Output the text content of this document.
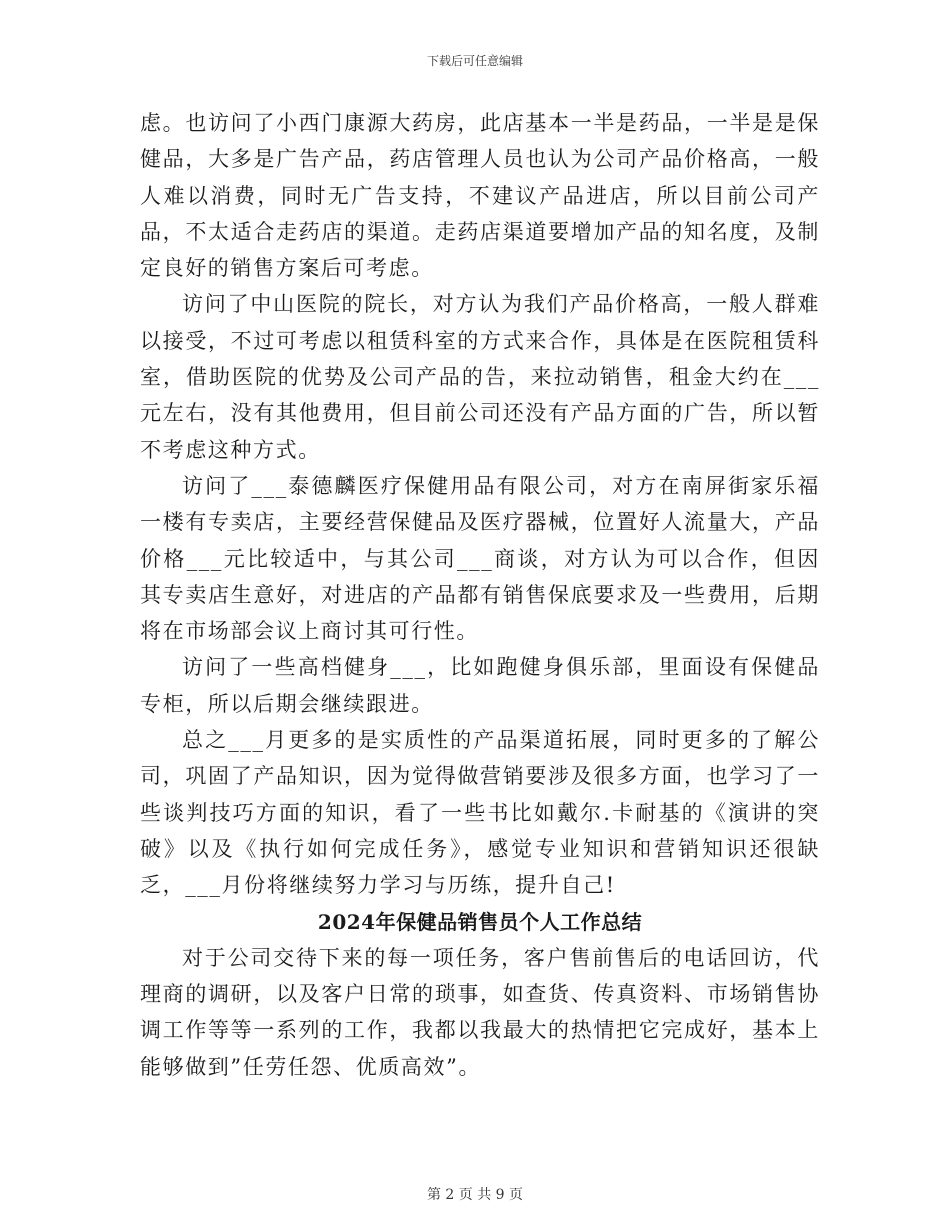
下载后可任意编辑

虑。也访问了小西门康源大药房，此店基本一半是药品，一半是是保健品，大多是广告产品，药店管理人员也认为公司产品价格高，一般人难以消费，同时无广告支持，不建议产品进店，所以目前公司产品，不太适合走药店的渠道。走药店渠道要增加产品的知名度，及制定良好的销售方案后可考虑。

访问了中山医院的院长，对方认为我们产品价格高，一般人群难以接受，不过可考虑以租赁科室的方式来合作，具体是在医院租赁科室，借助医院的优势及公司产品的告，来拉动销售，租金大约在___元左右，没有其他费用，但目前公司还没有产品方面的广告，所以暂不考虑这种方式。

访问了___泰德麟医疗保健用品有限公司，对方在南屏街家乐福一楼有专卖店，主要经营保健品及医疗器械，位置好人流量大，产品价格___元比较适中，与其公司___商谈，对方认为可以合作，但因其专卖店生意好，对进店的产品都有销售保底要求及一些费用，后期将在市场部会议上商讨其可行性。

访问了一些高档健身___，比如跑健身俱乐部，里面设有保健品专柜，所以后期会继续跟进。

总之___月更多的是实质性的产品渠道拓展，同时更多的了解公司，巩固了产品知识，因为觉得做营销要涉及很多方面，也学习了一些谈判技巧方面的知识，看了一些书比如戴尔.卡耐基的《演讲的突破》以及《执行如何完成任务》，感觉专业知识和营销知识还很缺乏，___月份将继续努力学习与历练，提升自己!

2024年保健品销售员个人工作总结

对于公司交待下来的每一项任务，客户售前售后的电话回访，代理商的调研，以及客户日常的琐事，如查货、传真资料、市场销售协调工作等等一系列的工作，我都以我最大的热情把它完成好，基本上能够做到”任劳任怨、优质高效”。

第 2 页 共 9 页
